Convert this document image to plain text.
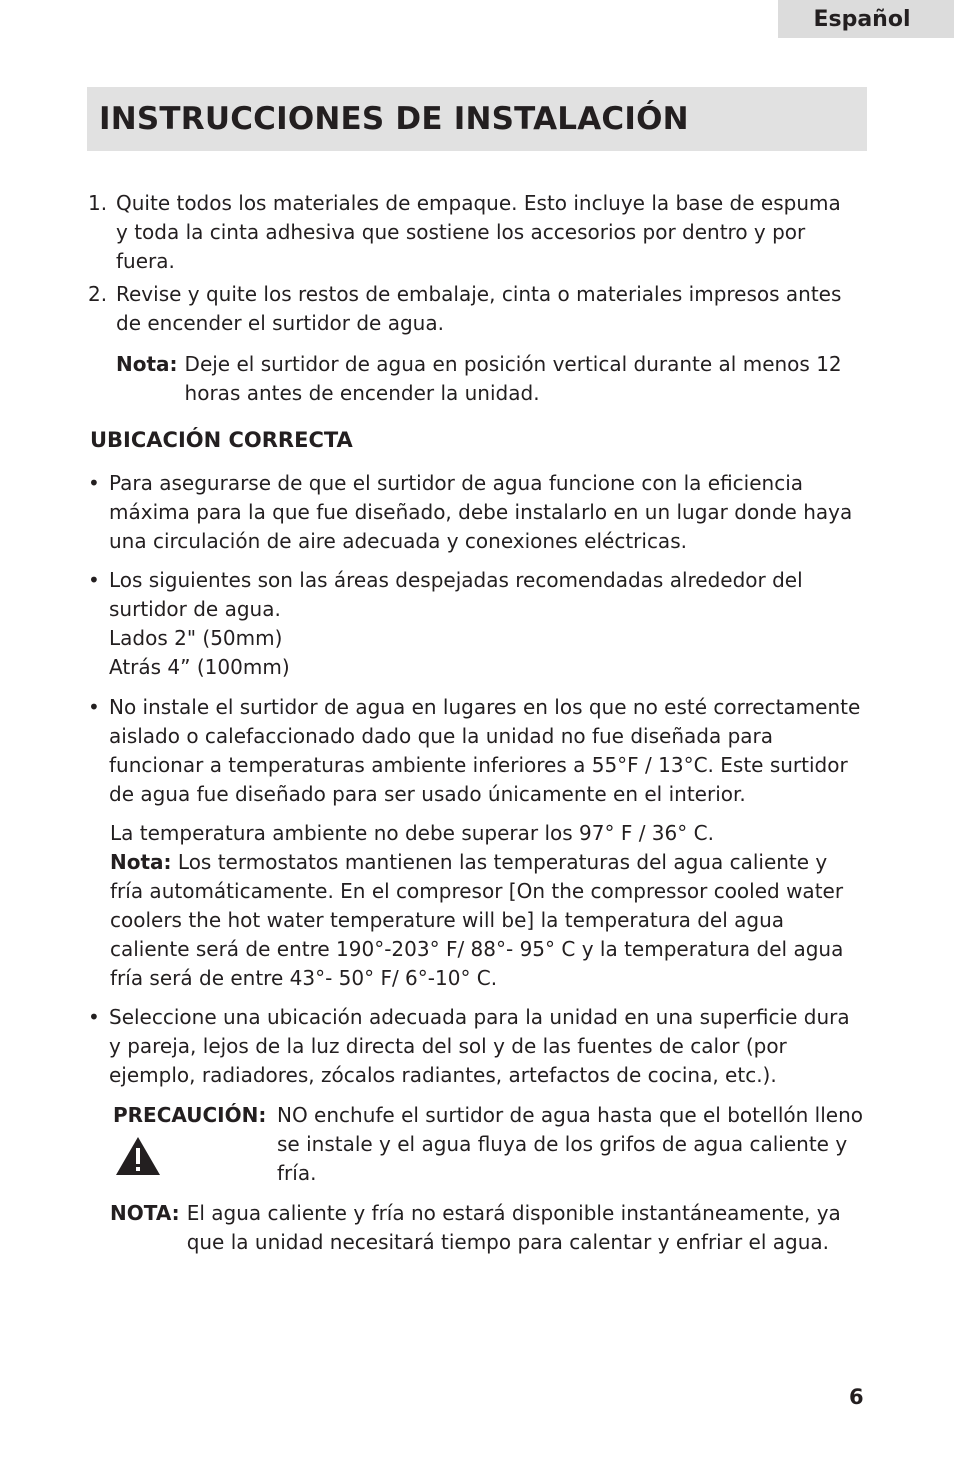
Español
INSTRUCCIONES DE INSTALACIÓN
1. Quite todos los materiales de empaque. Esto incluye la base de espuma y toda la cinta adhesiva que sostiene los accesorios por dentro y por fuera.
2. Revise y quite los restos de embalaje, cinta o materiales impresos antes de encender el surtidor de agua.
Nota: Deje el surtidor de agua en posición vertical durante al menos 12 horas antes de encender la unidad.
UBICACIÓN CORRECTA
• Para asegurarse de que el surtidor de agua funcione con la eficiencia máxima para la que fue diseñado, debe instalarlo en un lugar donde haya una circulación de aire adecuada y conexiones eléctricas.
• Los siguientes son las áreas despejadas recomendadas alrededor del surtidor de agua.
Lados 2" (50mm)
Atrás 4” (100mm)
• No instale el surtidor de agua en lugares en los que no esté correctamente aislado o calefaccionado dado que la unidad no fue diseñada para funcionar a temperaturas ambiente inferiores a 55°F / 13°C. Este surtidor de agua fue diseñado para ser usado únicamente en el interior.
La temperatura ambiente no debe superar los 97° F / 36° C.
Nota: Los termostatos mantienen las temperaturas del agua caliente y fría automáticamente. En el compresor [On the compressor cooled water coolers the hot water temperature will be] la temperatura del agua caliente será de entre 190°-203° F/ 88°- 95° C y la temperatura del agua fría será de entre 43°- 50° F/ 6°-10° C.
• Seleccione una ubicación adecuada para la unidad en una superficie dura y pareja, lejos de la luz directa del sol y de las fuentes de calor (por ejemplo, radiadores, zócalos radiantes, artefactos de cocina, etc.).
PRECAUCIÓN: NO enchufe el surtidor de agua hasta que el botellón lleno se instale y el agua fluya de los grifos de agua caliente y fría.
NOTA: El agua caliente y fría no estará disponible instantáneamente, ya que la unidad necesitará tiempo para calentar y enfriar el agua.
6
